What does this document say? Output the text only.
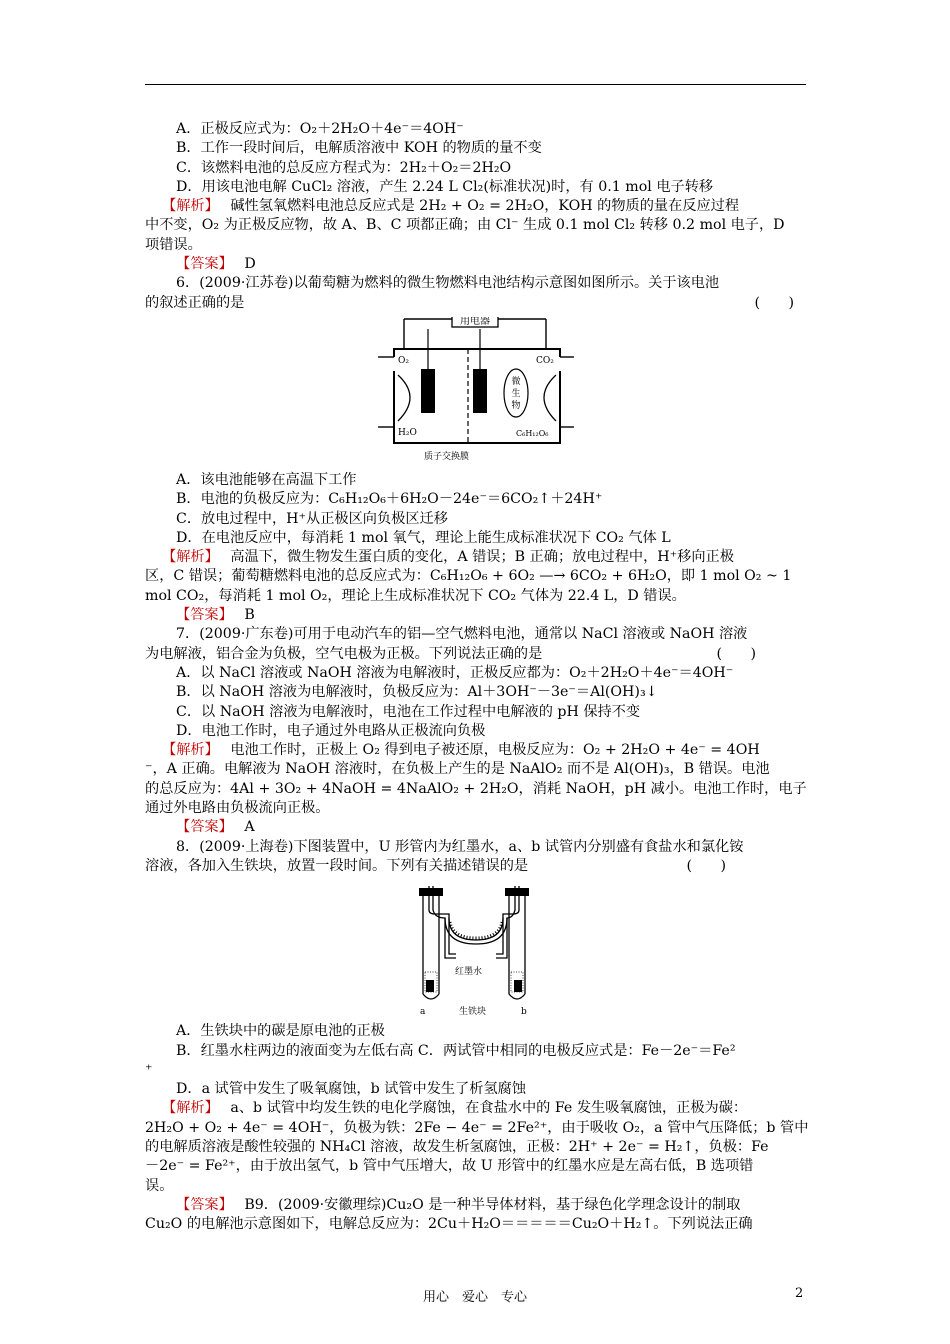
A．正极反应式为：O₂＋2H₂O＋4e⁻＝4OH⁻
B．工作一段时间后，电解质溶液中 KOH 的物质的量不变
C．该燃料电池的总反应方程式为：2H₂＋O₂＝2H₂O
D．用该电池电解 CuCl₂ 溶液，产生 2.24 L Cl₂(标准状况)时，有 0.1 mol 电子转移
【解析】　 碱性氢氧燃料电池总反应式是 2H₂ + O₂ = 2H₂O，KOH 的物质的量在反应过程
中不变，O₂ 为正极反应物，故 A、B、C 项都正确；由 Cl⁻ 生成 0.1 mol Cl₂ 转移 0.2 mol 电子，D
项错误。
【答案】　 D
6．(2009·江苏卷)以葡萄糖为燃料的微生物燃料电池结构示意图如图所示。关于该电池
的叙述正确的是	(　　)
用电器
O₂	CO₂
H₂O	C₆H₁₂O₆
微
生
物
质子交换膜
A．该电池能够在高温下工作
B．电池的负极反应为：C₆H₁₂O₆＋6H₂O－24e⁻＝6CO₂↑＋24H⁺
C．放电过程中，H⁺从正极区向负极区迁移
D．在电池反应中，每消耗 1 mol 氧气，理论上能生成标准状况下 CO₂ 气体 L
【解析】　 高温下，微生物发生蛋白质的变化，A 错误；B 正确；放电过程中，H⁺移向正极
区，C 错误；葡萄糖燃料电池的总反应式为：C₆H₁₂O₆ + 6O₂ —→ 6CO₂ + 6H₂O，即 1 mol O₂ ~ 1
mol CO₂，每消耗 1 mol O₂，理论上生成标准状况下 CO₂ 气体为 22.4 L，D 错误。
【答案】　 B
7．(2009·广东卷)可用于电动汽车的铝—空气燃料电池，通常以 NaCl 溶液或 NaOH 溶液
为电解液，铝合金为负极，空气电极为正极。下列说法正确的是	(　　)
A．以 NaCl 溶液或 NaOH 溶液为电解液时，正极反应都为：O₂＋2H₂O＋4e⁻＝4OH⁻
B．以 NaOH 溶液为电解液时，负极反应为：Al＋3OH⁻－3e⁻＝Al(OH)₃↓
C．以 NaOH 溶液为电解液时，电池在工作过程中电解液的 pH 保持不变
D．电池工作时，电子通过外电路从正极流向负极
【解析】　 电池工作时，正极上 O₂ 得到电子被还原，电极反应为：O₂ + 2H₂O + 4e⁻ = 4OH
⁻，A 正确。电解液为 NaOH 溶液时，在负极上产生的是 NaAlO₂ 而不是 Al(OH)₃，B 错误。电池
的总反应为：4Al + 3O₂ + 4NaOH = 4NaAlO₂ + 2H₂O，消耗 NaOH，pH 减小。电池工作时，电子
通过外电路由负极流向正极。
【答案】　 A
8．(2009·上海卷)下图装置中，U 形管内为红墨水，a、b 试管内分别盛有食盐水和氯化铵
溶液，各加入生铁块，放置一段时间。下列有关描述错误的是	(　　)
红墨水
a	生铁块	b
A．生铁块中的碳是原电池的正极
B．红墨水柱两边的液面变为左低右高 C．两试管中相同的电极反应式是：Fe－2e⁻＝Fe²
⁺
D．a 试管中发生了吸氧腐蚀，b 试管中发生了析氢腐蚀
【解析】　 a、b 试管中均发生铁的电化学腐蚀，在食盐水中的 Fe 发生吸氧腐蚀，正极为碳：
2H₂O + O₂ + 4e⁻ = 4OH⁻，负极为铁：2Fe − 4e⁻ = 2Fe²⁺，由于吸收 O₂，a 管中气压降低；b 管中
的电解质溶液是酸性较强的 NH₄Cl 溶液，故发生析氢腐蚀，正极：2H⁺ + 2e⁻ = H₂↑，负极：Fe
－2e⁻ = Fe²⁺，由于放出氢气，b 管中气压增大，故 U 形管中的红墨水应是左高右低，B 选项错
误。
【答案】　 B9．(2009·安徽理综)Cu₂O 是一种半导体材料，基于绿色化学理念设计的制取
Cu₂O 的电解池示意图如下，电解总反应为：2Cu＋H₂O＝＝＝＝＝Cu₂O＋H₂↑。下列说法正确
用心　爱心　专心	2
